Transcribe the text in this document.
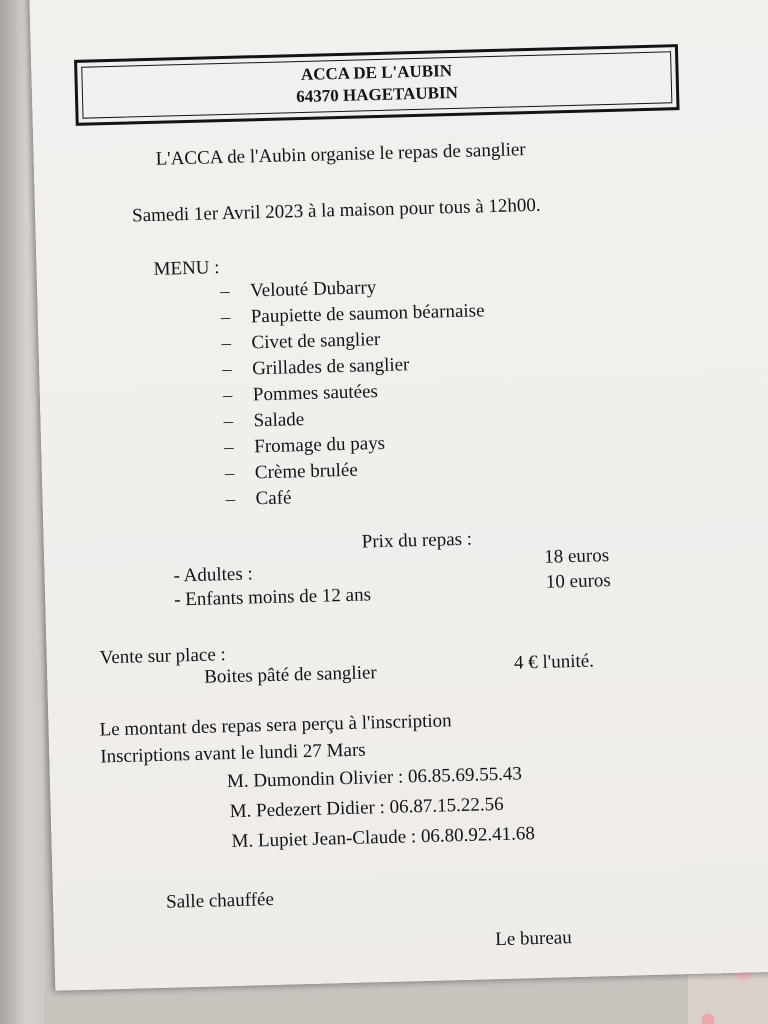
ACCA DE L'AUBIN
64370 HAGETAUBIN
L'ACCA de l'Aubin organise le repas de sanglier
Samedi 1er Avril 2023 à la maison pour tous à 12h00.
MENU :
– Velouté Dubarry
– Paupiette de saumon béarnaise
– Civet de sanglier
– Grillades de sanglier
– Pommes sautées
– Salade
– Fromage du pays
– Crème brulée
– Café
Prix du repas :
18 euros
- Adultes :	10 euros
- Enfants moins de 12 ans
Vente sur place :
Boites pâté de sanglier
4 € l'unité.
Le montant des repas sera perçu à l'inscription
Inscriptions avant le lundi 27 Mars
M. Dumondin Olivier : 06.85.69.55.43
M. Pedezert Didier : 06.87.15.22.56
M. Lupiet Jean-Claude : 06.80.92.41.68
Salle chauffée
Le bureau
